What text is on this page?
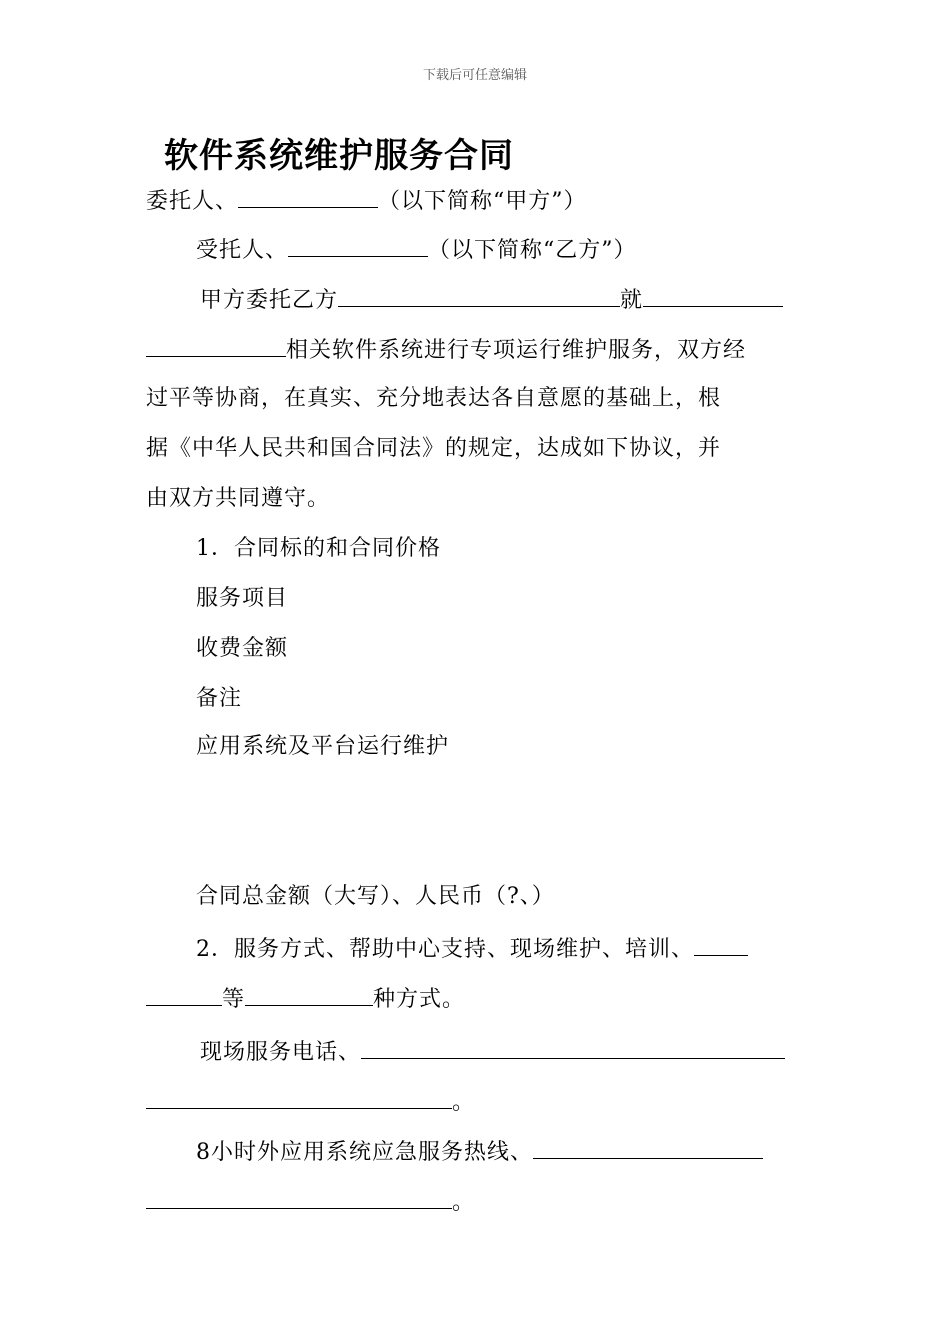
下载后可任意编辑
软件系统维护服务合同
委托人、	（以下简称“甲方”）
受托人、	（以下简称“乙方”）
甲方委托乙方	就
相关软件系统进行专项运行维护服务，双方经
过平等协商，在真实、充分地表达各自意愿的基础上，根
据《中华人民共和国合同法》的规定，达成如下协议，并
由双方共同遵守。
1．合同标的和合同价格
服务项目
收费金额
备注
应用系统及平台运行维护
合同总金额（大写）、人民币（?、）
2．服务方式、帮助中心支持、现场维护、培训、
等	种方式。
现场服务电话、
。
8小时外应用系统应急服务热线、
。
